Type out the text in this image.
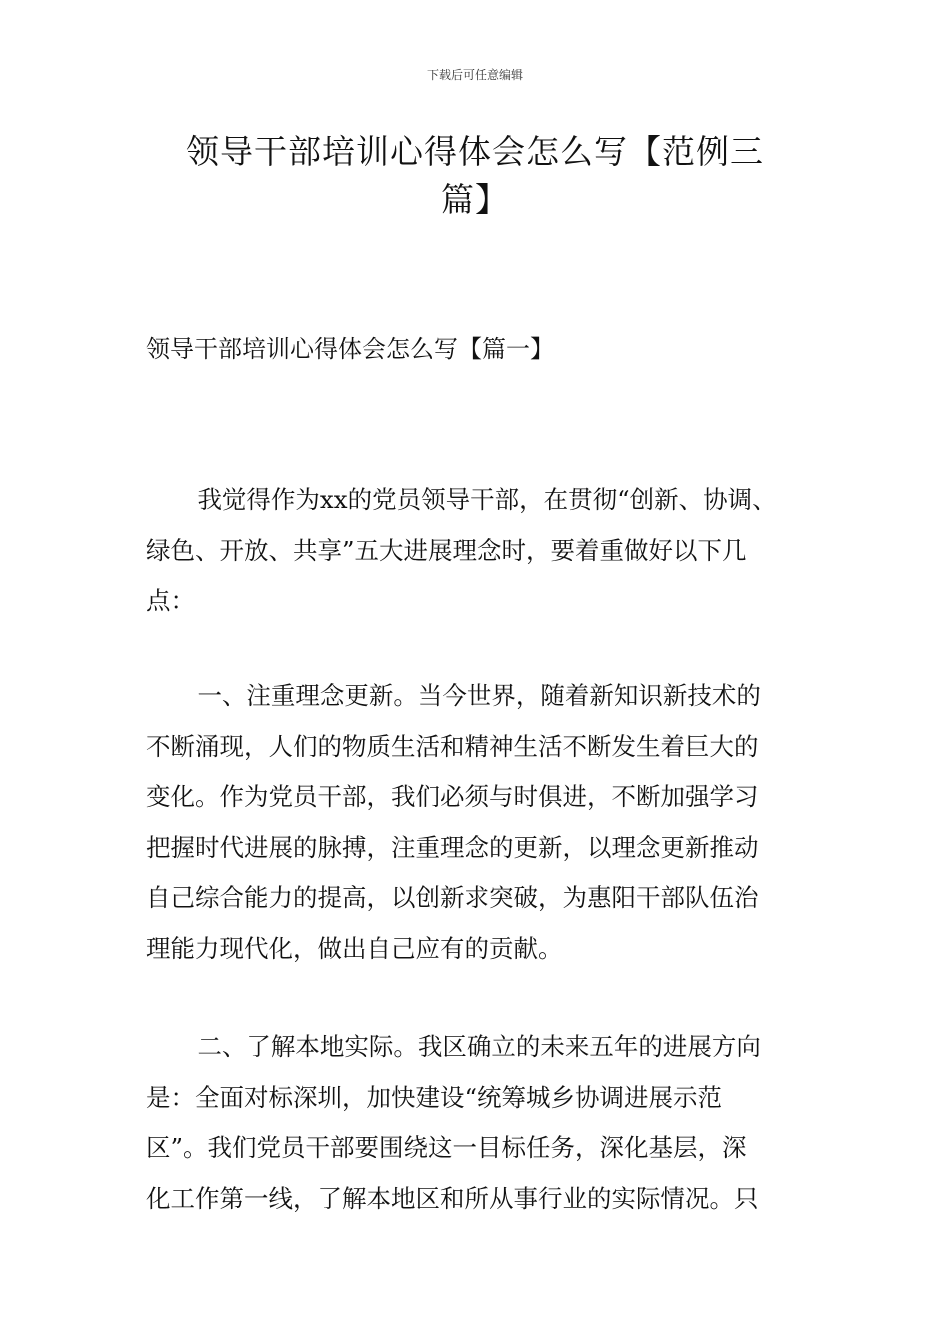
下载后可任意编辑
领导干部培训心得体会怎么写【范例三
篇】
领导干部培训心得体会怎么写【篇一】

我觉得作为xx的党员领导干部，在贯彻“创新、协调、
绿色、开放、共享”五大进展理念时，要着重做好以下几
点：

一、注重理念更新。当今世界，随着新知识新技术的
不断涌现，人们的物质生活和精神生活不断发生着巨大的
变化。作为党员干部，我们必须与时俱进，不断加强学习
把握时代进展的脉搏，注重理念的更新，以理念更新推动
自己综合能力的提高，以创新求突破，为惠阳干部队伍治
理能力现代化，做出自己应有的贡献。

二、了解本地实际。我区确立的未来五年的进展方向
是：全面对标深圳，加快建设“统筹城乡协调进展示范
区”。我们党员干部要围绕这一目标任务，深化基层，深
化工作第一线，了解本地区和所从事行业的实际情况。只
